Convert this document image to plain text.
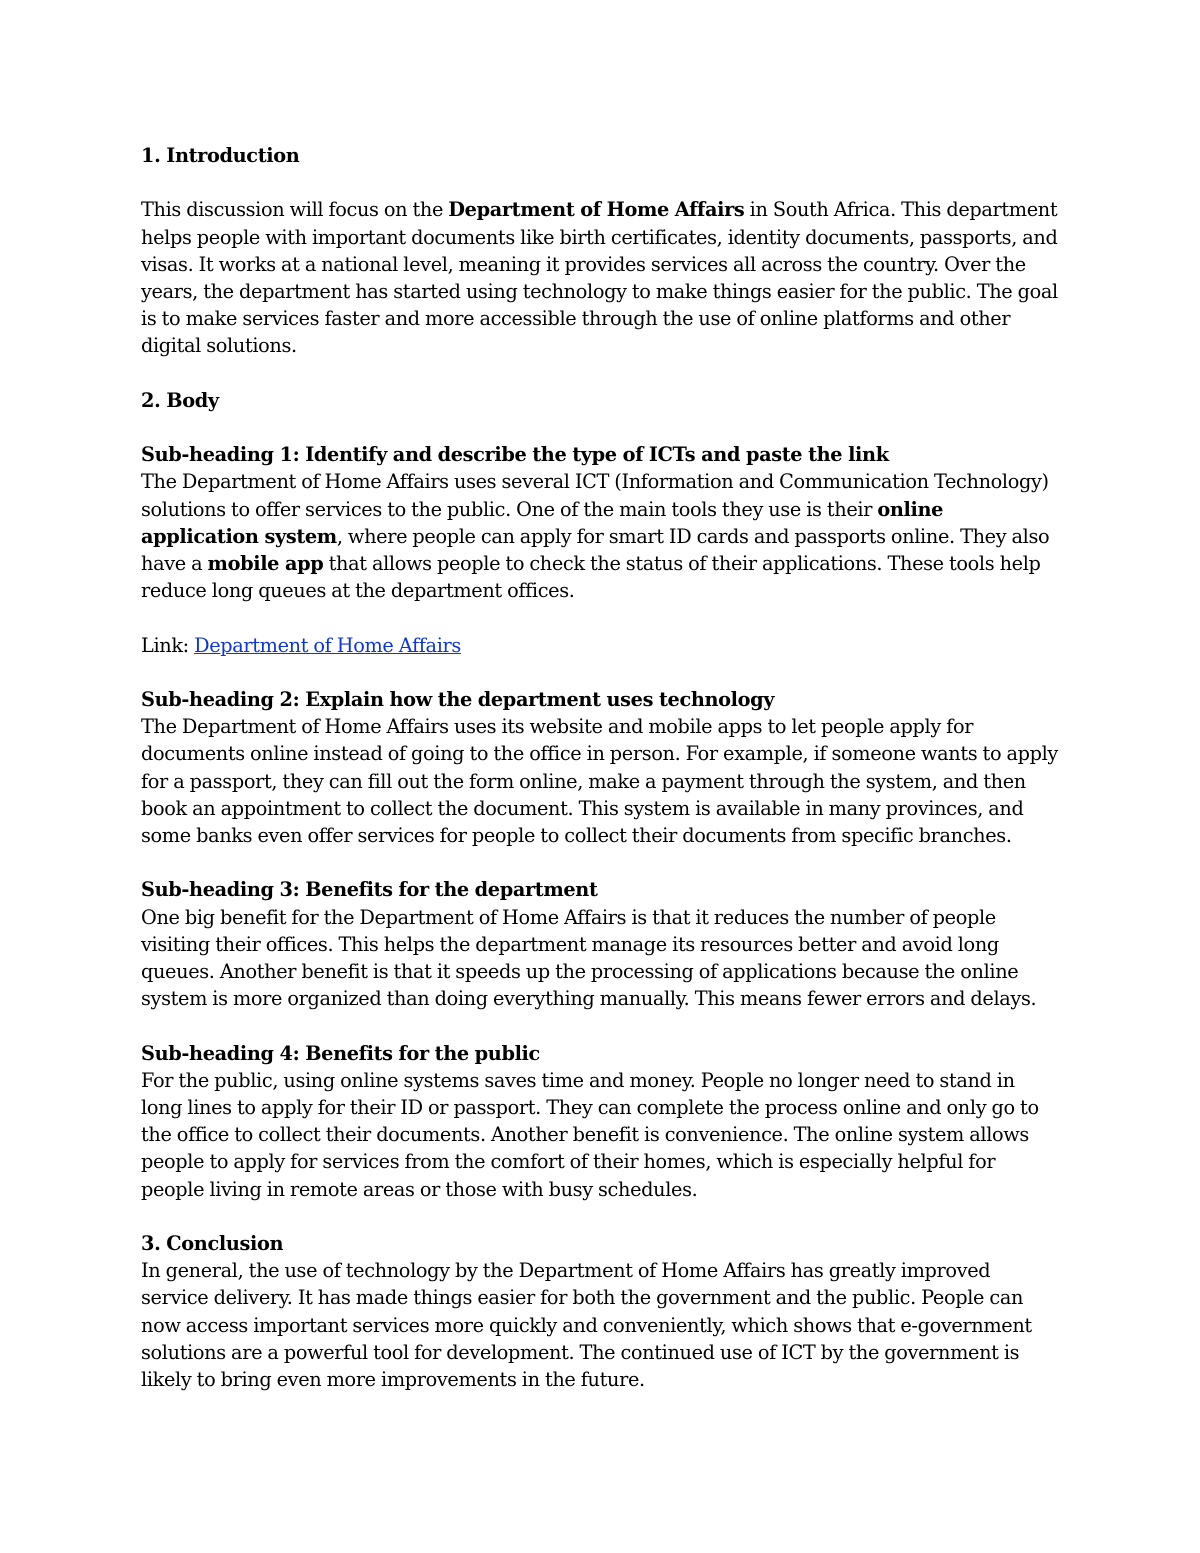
1. Introduction

This discussion will focus on the Department of Home Affairs in South Africa. This department helps people with important documents like birth certificates, identity documents, passports, and visas. It works at a national level, meaning it provides services all across the country. Over the years, the department has started using technology to make things easier for the public. The goal is to make services faster and more accessible through the use of online platforms and other digital solutions.

2. Body

Sub-heading 1: Identify and describe the type of ICTs and paste the link

The Department of Home Affairs uses several ICT (Information and Communication Technology) solutions to offer services to the public. One of the main tools they use is their online application system, where people can apply for smart ID cards and passports online. They also have a mobile app that allows people to check the status of their applications. These tools help reduce long queues at the department offices.

Link: Department of Home Affairs

Sub-heading 2: Explain how the department uses technology

The Department of Home Affairs uses its website and mobile apps to let people apply for documents online instead of going to the office in person. For example, if someone wants to apply for a passport, they can fill out the form online, make a payment through the system, and then book an appointment to collect the document. This system is available in many provinces, and some banks even offer services for people to collect their documents from specific branches.

Sub-heading 3: Benefits for the department

One big benefit for the Department of Home Affairs is that it reduces the number of people visiting their offices. This helps the department manage its resources better and avoid long queues. Another benefit is that it speeds up the processing of applications because the online system is more organized than doing everything manually. This means fewer errors and delays.

Sub-heading 4: Benefits for the public

For the public, using online systems saves time and money. People no longer need to stand in long lines to apply for their ID or passport. They can complete the process online and only go to the office to collect their documents. Another benefit is convenience. The online system allows people to apply for services from the comfort of their homes, which is especially helpful for people living in remote areas or those with busy schedules.

3. Conclusion

In general, the use of technology by the Department of Home Affairs has greatly improved service delivery. It has made things easier for both the government and the public. People can now access important services more quickly and conveniently, which shows that e-government solutions are a powerful tool for development. The continued use of ICT by the government is likely to bring even more improvements in the future.
